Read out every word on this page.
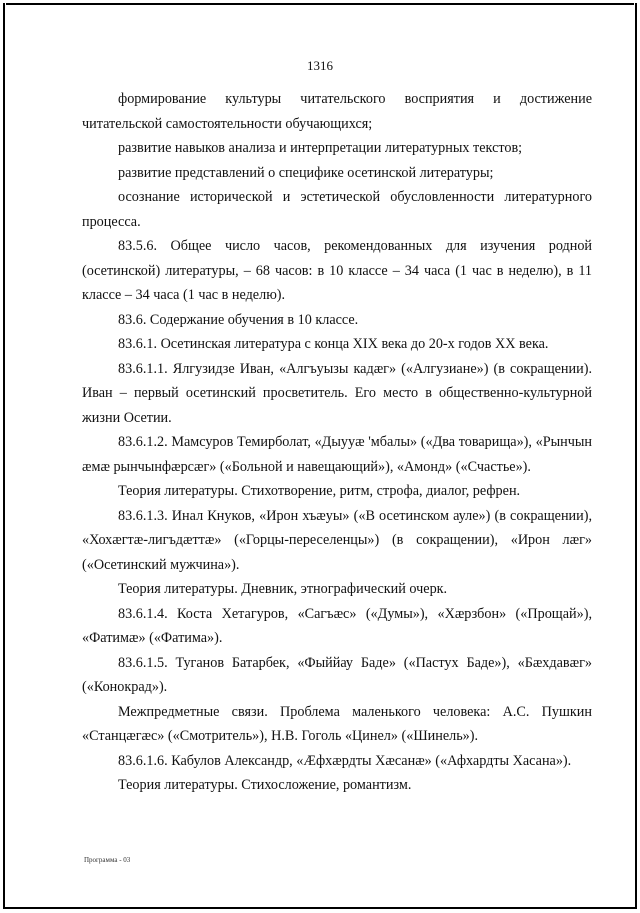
1316

формирование культуры читательского восприятия и достижение читательской самостоятельности обучающихся;

развитие навыков анализа и интерпретации литературных текстов;

развитие представлений о специфике осетинской литературы;

осознание исторической и эстетической обусловленности литературного процесса.

83.5.6. Общее число часов, рекомендованных для изучения родной (осетинской) литературы, – 68 часов: в 10 классе – 34 часа (1 час в неделю), в 11 классе – 34 часа (1 час в неделю).

83.6. Содержание обучения в 10 классе.

83.6.1. Осетинская литература с конца XIX века до 20-х годов XX века.

83.6.1.1. Ялгузидзе Иван, «Алгъуызы кадæг» («Алгузиане») (в сокращении). Иван – первый осетинский просветитель. Его место в общественно-культурной жизни Осетии.

83.6.1.2. Мамсуров Темирболат, «Дыууæ 'мбалы» («Два товарища»), «Рынчын æмæ рынчынфæрсæг» («Больной и навещающий»), «Амонд» («Счастье»).

Теория литературы. Стихотворение, ритм, строфа, диалог, рефрен.

83.6.1.3. Инал Кнуков, «Ирон хъæуы» («В осетинском ауле») (в сокращении), «Хохæгтæ-лигъдæттæ» («Горцы-переселенцы») (в сокращении), «Ирон лæг» («Осетинский мужчина»).

Теория литературы. Дневник, этнографический очерк.

83.6.1.4. Коста Хетагуров, «Сагъæс» («Думы»), «Хæрзбон» («Прощай»), «Фатимæ» («Фатима»).

83.6.1.5. Туганов Батарбек, «Фыййау Баде» («Пастух Баде»), «Бæхдавæг» («Конокрад»).

Межпредметные связи. Проблема маленького человека: А.С. Пушкин «Станцæгæс» («Смотритель»), Н.В. Гоголь «Цинел» («Шинель»).

83.6.1.6. Кабулов Александр, «Æфхæрдты Хæсанæ» («Афхардты Хасана»).

Теория литературы. Стихосложение, романтизм.

Программа - 03
